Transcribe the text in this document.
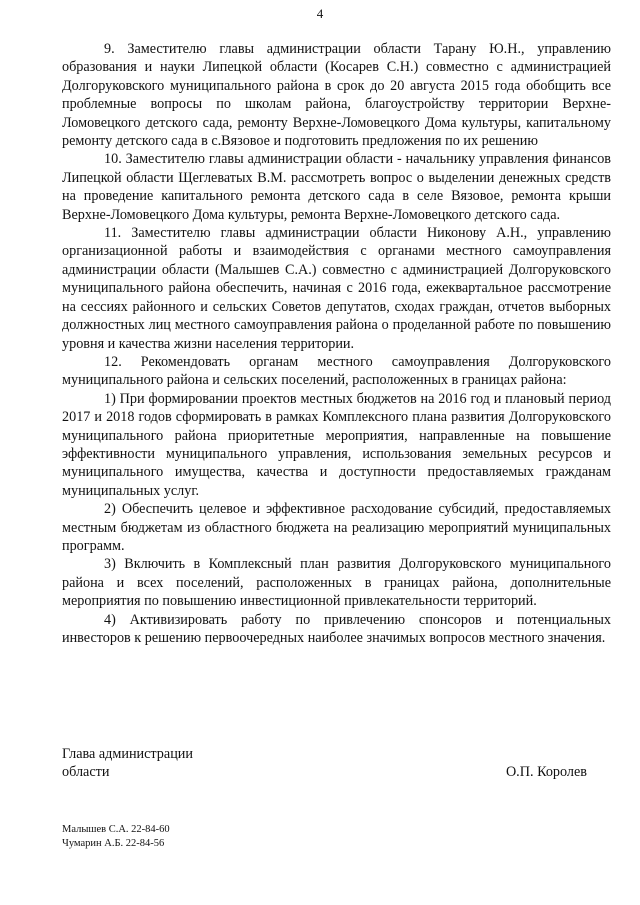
4

9. Заместителю главы администрации области Тарану Ю.Н., управлению образования и науки Липецкой области (Косарев С.Н.) совместно с администрацией Долгоруковского муниципального района в срок до 20 августа 2015 года обобщить все проблемные вопросы по школам района, благоустройству территории Верхне-Ломовецкого детского сада, ремонту Верхне-Ломовецкого Дома культуры, капитальному ремонту детского сада в с.Вязовое и подготовить предложения по их решению

10. Заместителю главы администрации области - начальнику управления финансов Липецкой области Щеглеватых В.М. рассмотреть вопрос о выделении денежных средств на проведение капитального ремонта детского сада в селе Вязовое, ремонта крыши Верхне-Ломовецкого Дома культуры, ремонта Верхне-Ломовецкого детского сада.

11. Заместителю главы администрации области Никонову А.Н., управлению организационной работы и взаимодействия с органами местного самоуправления администрации области (Малышев С.А.) совместно с администрацией Долгоруковского муниципального района обеспечить, начиная с 2016 года, ежеквартальное рассмотрение на сессиях районного и сельских Советов депутатов, сходах граждан, отчетов выборных должностных лиц местного самоуправления района о проделанной работе по повышению уровня и качества жизни населения территории.

12. Рекомендовать органам местного самоуправления Долгоруковского муниципального района и сельских поселений, расположенных в границах района:

1) При формировании проектов местных бюджетов на 2016 год и плановый период 2017 и 2018 годов сформировать в рамках Комплексного плана развития Долгоруковского муниципального района приоритетные мероприятия, направленные на повышение эффективности муниципального управления, использования земельных ресурсов и муниципального имущества, качества и доступности предоставляемых гражданам муниципальных услуг.

2) Обеспечить целевое и эффективное расходование субсидий, предоставляемых местным бюджетам из областного бюджета на реализацию мероприятий муниципальных программ.

3) Включить в Комплексный план развития Долгоруковского муниципального района и всех поселений, расположенных в границах района, дополнительные мероприятия по повышению инвестиционной привлекательности территорий.

4) Активизировать работу по привлечению спонсоров и потенциальных инвесторов к решению первоочередных наиболее значимых вопросов местного значения.

Глава администрации
области	О.П. Королев
Малышев С.А. 22-84-60
Чумарин А.Б. 22-84-56
